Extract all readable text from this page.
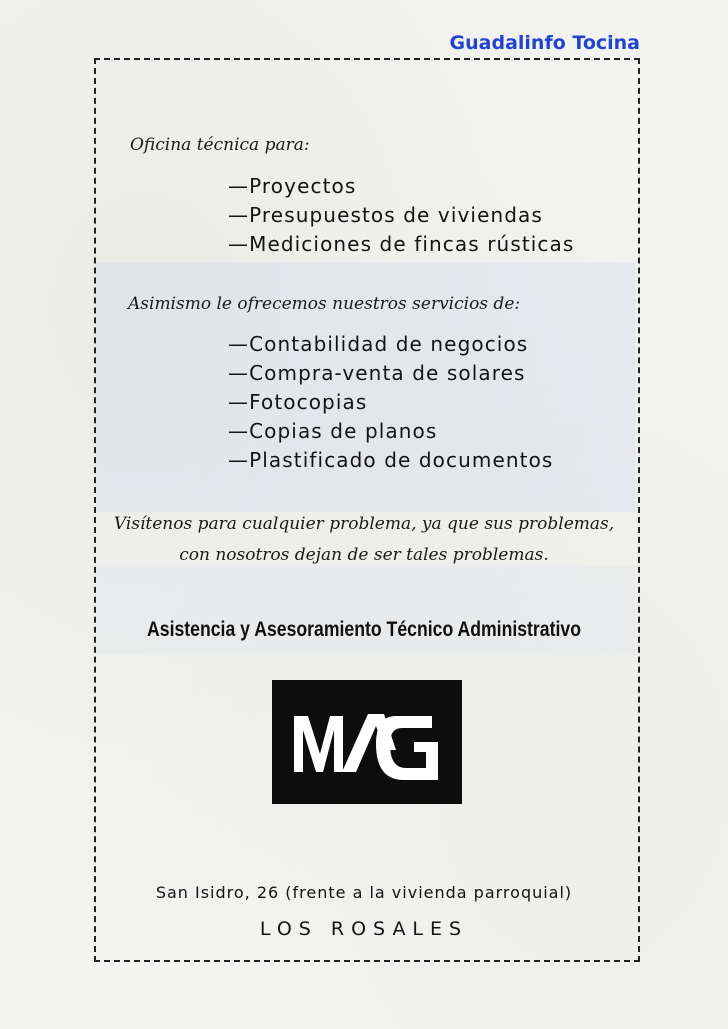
Guadalinfo Tocina
Oficina técnica para:
—Proyectos
—Presupuestos de viviendas
—Mediciones de fincas rústicas
Asimismo le ofrecemos nuestros servicios de:
—Contabilidad de negocios
—Compra-venta de solares
—Fotocopias
—Copias de planos
—Plastificado de documentos
Visítenos para cualquier problema, ya que sus problemas,
con nosotros dejan de ser tales problemas.
Asistencia y Asesoramiento Técnico Administrativo
San Isidro, 26 (frente a la vivienda parroquial)
LOS ROSALES
